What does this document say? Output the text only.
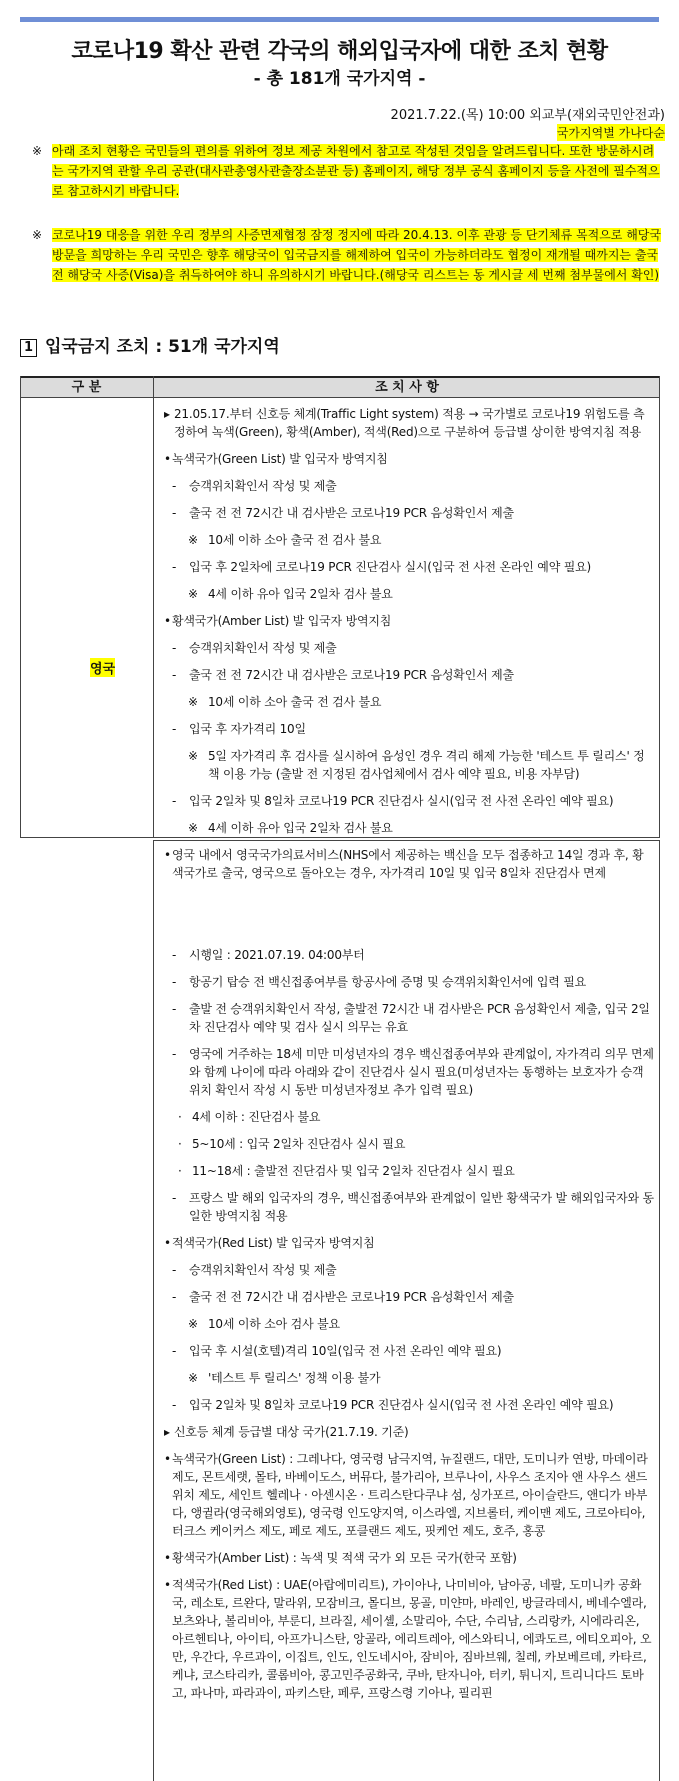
코로나19 확산 관련 각국의 해외입국자에 대한 조치 현황
- 총 181개 국가지역 -
2021.7.22.(목) 10:00 외교부(재외국민안전과)
국가지역별 가나다순
※ 아래 조치 현황은 국민들의 편의를 위하여 정보 제공 차원에서 참고로 작성된 것임을 알려드립니다. 또한 방문하시려는 국가지역 관할 우리 공관(대사관총영사관출장소분관 등) 홈페이지, 해당 정부 공식 홈페이지 등을 사전에 필수적으로 참고하시기 바랍니다.
※ 코로나19 대응을 위한 우리 정부의 사증면제협정 잠정 정지에 따라 20.4.13. 이후 관광 등 단기체류 목적으로 해당국 방문을 희망하는 우리 국민은 향후 해당국이 입국금지를 해제하여 입국이 가능하더라도 협정이 재개될 때까지는 출국 전 해당국 사증(Visa)을 취득하여야 하니 유의하시기 바랍니다.(해당국 리스트는 동 게시글 세 번째 첨부물에서 확인)
1 입국금지 조치 : 51개 국가지역
구 분	조 치 사 항
영국

▸ 21.05.17.부터 신호등 체계(Traffic Light system) 적용 → 국가별로 코로나19 위험도를 측정하여 녹색(Green), 황색(Amber), 적색(Red)으로 구분하여 등급별 상이한 방역지침 적용

• 녹색국가(Green List) 발 입국자 방역지침

- 승객위치확인서 작성 및 제출

- 출국 전 전 72시간 내 검사받은 코로나19 PCR 음성확인서 제출

※ 10세 이하 소아 출국 전 검사 불요

- 입국 후 2일차에 코로나19 PCR 진단검사 실시(입국 전 사전 온라인 예약 필요)

※ 4세 이하 유아 입국 2일차 검사 불요

• 황색국가(Amber List) 발 입국자 방역지침

- 승객위치확인서 작성 및 제출

- 출국 전 전 72시간 내 검사받은 코로나19 PCR 음성확인서 제출

※ 10세 이하 소아 출국 전 검사 불요

- 입국 후 자가격리 10일

※ 5일 자가격리 후 검사를 실시하여 음성인 경우 격리 해제 가능한 '테스트 투 릴리스' 정책 이용 가능 (출발 전 지정된 검사업체에서 검사 예약 필요, 비용 자부담)

- 입국 2일차 및 8일차 코로나19 PCR 진단검사 실시(입국 전 사전 온라인 예약 필요)

※ 4세 이하 유아 입국 2일차 검사 불요

• 영국 내에서 영국국가의료서비스(NHS에서 제공하는 백신을 모두 접종하고 14일 경과 후, 황색국가로 출국, 영국으로 돌아오는 경우, 자가격리 10일 및 입국 8일차 진단검사 면제

- 시행일 : 2021.07.19. 04:00부터

- 항공기 탑승 전 백신접종여부를 항공사에 증명 및 승객위치확인서에 입력 필요

- 출발 전 승객위치확인서 작성, 출발전 72시간 내 검사받은 PCR 음성확인서 제출, 입국 2일차 진단검사 예약 및 검사 실시 의무는 유효

- 영국에 거주하는 18세 미만 미성년자의 경우 백신접종여부와 관계없이, 자가격리 의무 면제와 함께 나이에 따라 아래와 같이 진단검사 실시 필요(미성년자는 동행하는 보호자가 승객위치 확인서 작성 시 동반 미성년자정보 추가 입력 필요)

· 4세 이하 : 진단검사 불요

· 5~10세 : 입국 2일차 진단검사 실시 필요

· 11~18세 : 출발전 진단검사 및 입국 2일차 진단검사 실시 필요

- 프랑스 발 해외 입국자의 경우, 백신접종여부와 관계없이 일반 황색국가 발 해외입국자와 동일한 방역지침 적용

• 적색국가(Red List) 발 입국자 방역지침

- 승객위치확인서 작성 및 제출

- 출국 전 전 72시간 내 검사받은 코로나19 PCR 음성확인서 제출

※ 10세 이하 소아 검사 불요

- 입국 후 시설(호텔)격리 10일(입국 전 사전 온라인 예약 필요)

※ '테스트 투 릴리스' 정책 이용 불가

- 입국 2일차 및 8일차 코로나19 PCR 진단검사 실시(입국 전 사전 온라인 예약 필요)

▸ 신호등 체계 등급별 대상 국가(21.7.19. 기준)

• 녹색국가(Green List) : 그레나다, 영국령 남극지역, 뉴질랜드, 대만, 도미니카 연방, 마데이라 제도, 몬트세랫, 몰타, 바베이도스, 버뮤다, 불가리아, 브루나이, 사우스 조지아 앤 사우스 샌드위치 제도, 세인트 헬레나 · 아센시온 · 트리스탄다쿠냐 섬, 싱가포르, 아이슬란드, 앤디가 바부다, 앵귈라(영국해외영토), 영국령 인도양지역, 이스라엘, 지브롤터, 케이맨 제도, 크로아티아, 터크스 케이커스 제도, 페로 제도, 포클랜드 제도, 핏케언 제도, 호주, 홍콩

• 황색국가(Amber List) : 녹색 및 적색 국가 외 모든 국가(한국 포함)

• 적색국가(Red List) : UAE(아랍에미리트), 가이아나, 나미비아, 남아공, 네팔, 도미니카 공화국, 레소토, 르완다, 말라위, 모잠비크, 몰디브, 몽골, 미얀마, 바레인, 방글라데시, 베네수엘라, 보츠와나, 볼리비아, 부룬디, 브라질, 세이셸, 소말리아, 수단, 수리남, 스리랑카, 시에라리온, 아르헨티나, 아이티, 아프가니스탄, 앙골라, 에리트레아, 에스와티니, 에콰도르, 에티오피아, 오만, 우간다, 우르과이, 이집트, 인도, 인도네시아, 잠비아, 짐바브웨, 칠레, 카보베르데, 카타르, 케냐, 코스타리카, 콜롬비아, 콩고민주공화국, 쿠바, 탄자니아, 터키, 튀니지, 트리니다드 토바고, 파나마, 파라과이, 파키스탄, 페루, 프랑스령 기아나, 필리핀
